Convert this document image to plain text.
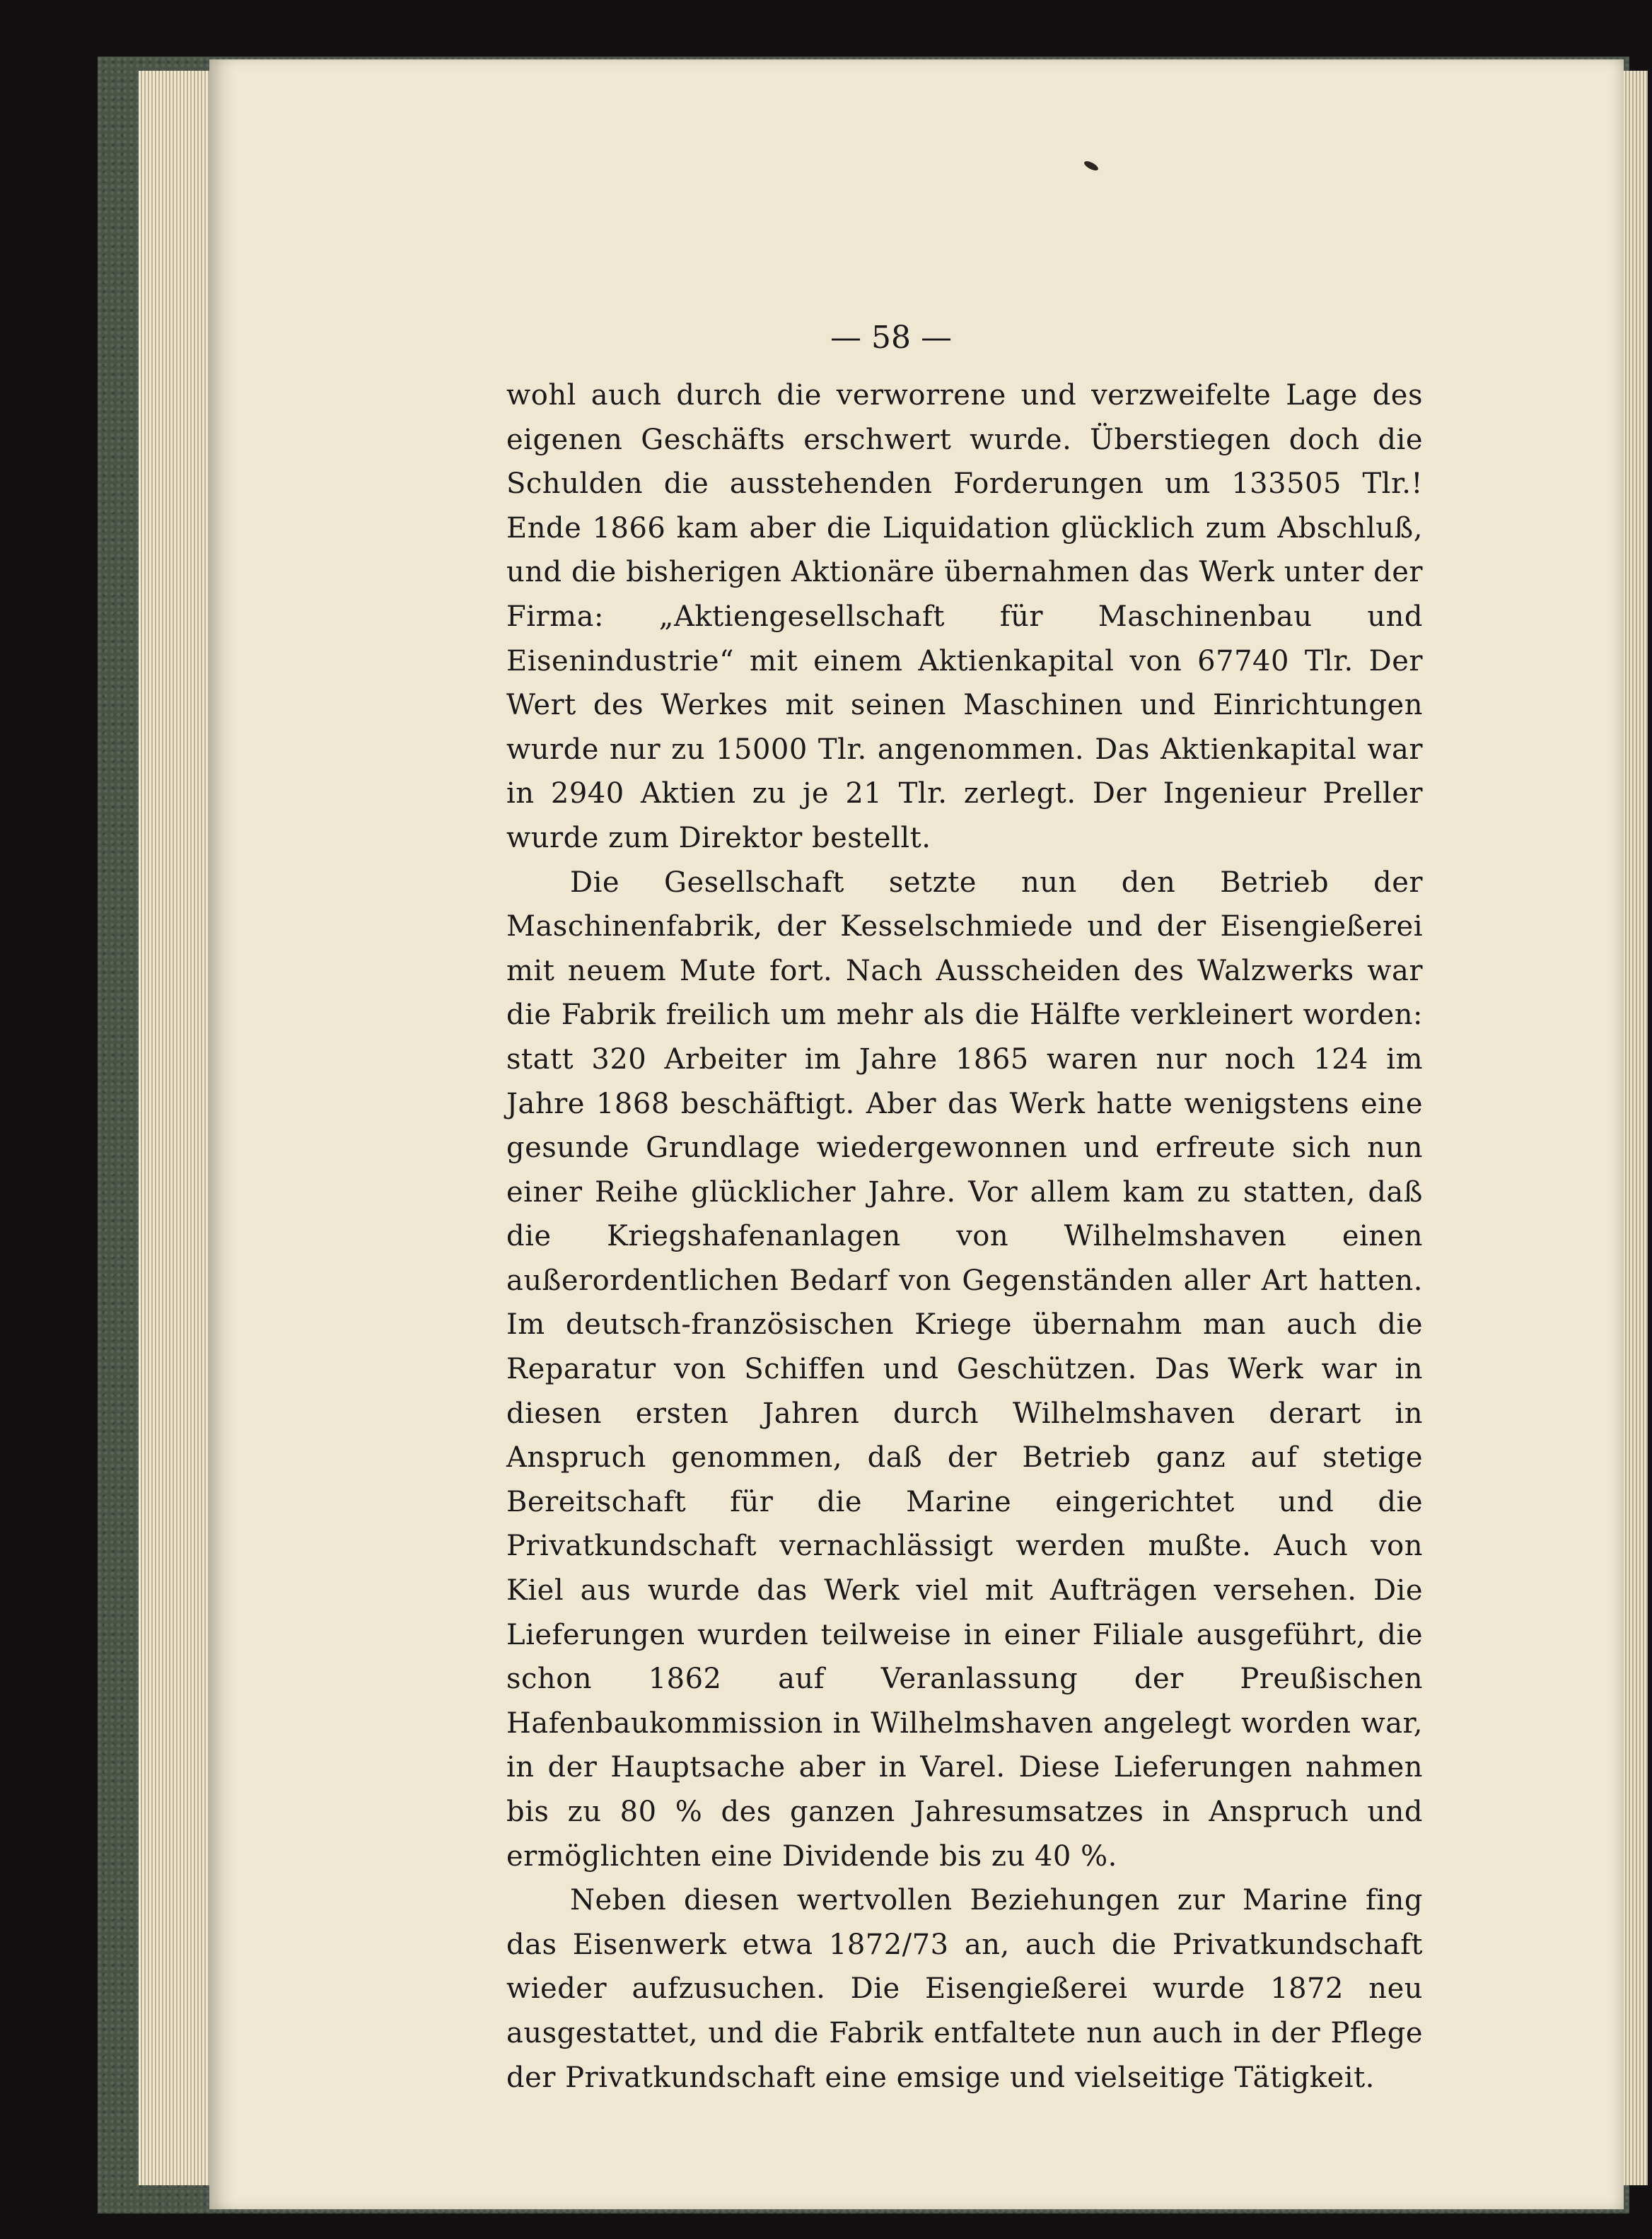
— 58 —

wohl auch durch die verworrene und verzweifelte Lage des eigenen Geschäfts erschwert wurde. Überstiegen doch die Schulden die ausstehenden Forderungen um 133505 Tlr.! Ende 1866 kam aber die Liquidation glücklich zum Abschluß, und die bisherigen Aktionäre übernahmen das Werk unter der Firma: „Aktiengesellschaft für Maschinenbau und Eisenindustrie“ mit einem Aktienkapital von 67740 Tlr. Der Wert des Werkes mit seinen Maschinen und Einrichtungen wurde nur zu 15000 Tlr. angenommen. Das Aktienkapital war in 2940 Aktien zu je 21 Tlr. zerlegt. Der Ingenieur Preller wurde zum Direktor bestellt.

Die Gesellschaft setzte nun den Betrieb der Maschinenfabrik, der Kesselschmiede und der Eisengießerei mit neuem Mute fort. Nach Ausscheiden des Walzwerks war die Fabrik freilich um mehr als die Hälfte verkleinert worden: statt 320 Arbeiter im Jahre 1865 waren nur noch 124 im Jahre 1868 beschäftigt. Aber das Werk hatte wenigstens eine gesunde Grundlage wiedergewonnen und erfreute sich nun einer Reihe glücklicher Jahre. Vor allem kam zu statten, daß die Kriegshafenanlagen von Wilhelmshaven einen außerordentlichen Bedarf von Gegenständen aller Art hatten. Im deutsch-französischen Kriege übernahm man auch die Reparatur von Schiffen und Geschützen. Das Werk war in diesen ersten Jahren durch Wilhelmshaven derart in Anspruch genommen, daß der Betrieb ganz auf stetige Bereitschaft für die Marine eingerichtet und die Privatkundschaft vernachlässigt werden mußte. Auch von Kiel aus wurde das Werk viel mit Aufträgen versehen. Die Lieferungen wurden teilweise in einer Filiale ausgeführt, die schon 1862 auf Veranlassung der Preußischen Hafenbaukommission in Wilhelmshaven angelegt worden war, in der Hauptsache aber in Varel. Diese Lieferungen nahmen bis zu 80 % des ganzen Jahresumsatzes in Anspruch und ermöglichten eine Dividende bis zu 40 %.

Neben diesen wertvollen Beziehungen zur Marine fing das Eisenwerk etwa 1872/73 an, auch die Privatkundschaft wieder aufzusuchen. Die Eisengießerei wurde 1872 neu ausgestattet, und die Fabrik entfaltete nun auch in der Pflege der Privatkundschaft eine emsige und vielseitige Tätigkeit.
